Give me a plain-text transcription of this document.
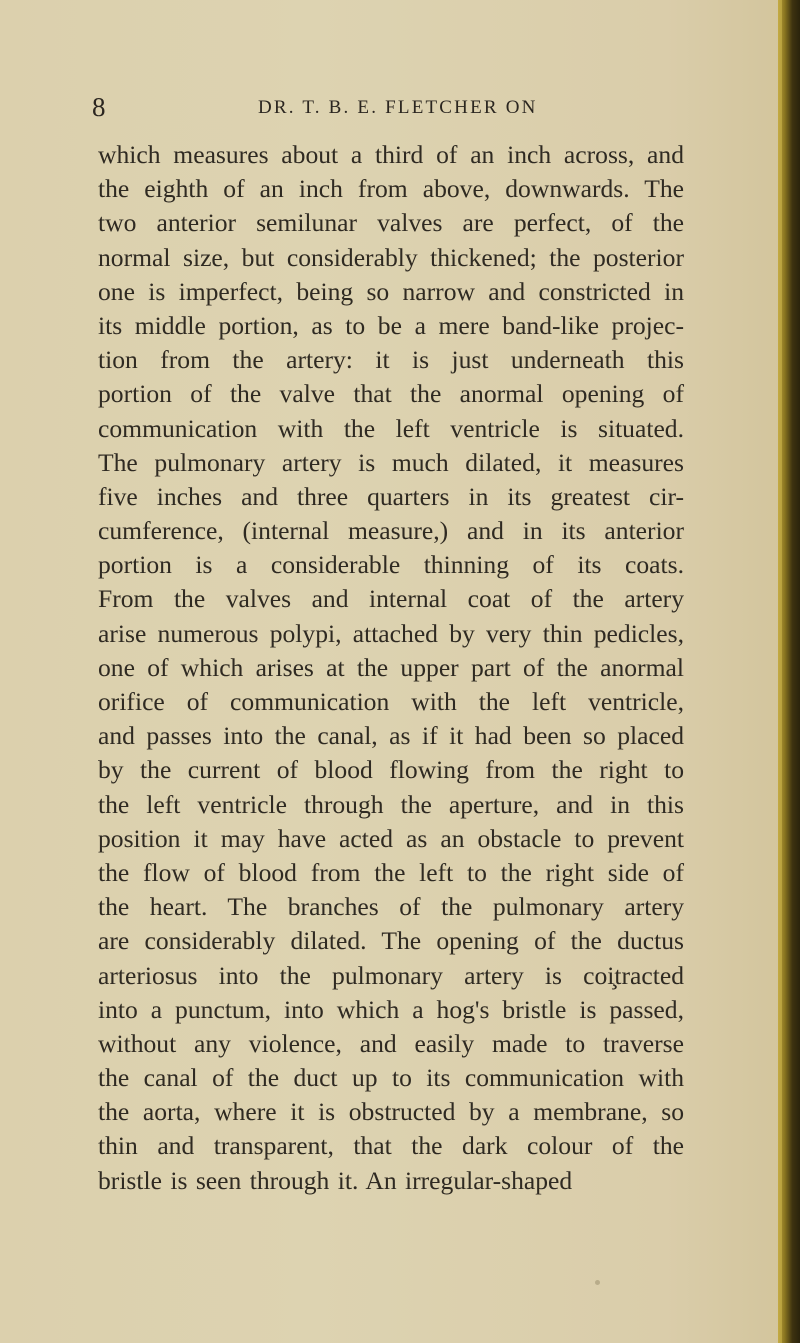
8	DR. T. B. E. FLETCHER ON
which measures about a third of an inch across, and
the eighth of an inch from above, downwards. The
two anterior semilunar valves are perfect, of the
normal size, but considerably thickened; the posterior
one is imperfect, being so narrow and constricted in
its middle portion, as to be a mere band-like projec-
tion from the artery: it is just underneath this
portion of the valve that the anormal opening of
communication with the left ventricle is situated.
The pulmonary artery is much dilated, it measures
five inches and three quarters in its greatest cir-
cumference, (internal measure,) and in its anterior
portion is a considerable thinning of its coats.
From the valves and internal coat of the artery
arise numerous polypi, attached by very thin pedicles,
one of which arises at the upper part of the anormal
orifice of communication with the left ventricle,
and passes into the canal, as if it had been so placed
by the current of blood flowing from the right to
the left ventricle through the aperture, and in this
position it may have acted as an obstacle to prevent
the flow of blood from the left to the right side of
the heart. The branches of the pulmonary artery
are considerably dilated. The opening of the ductus
arteriosus into the pulmonary artery is coi̧tracted
into a punctum, into which a hog's bristle is passed,
without any violence, and easily made to traverse
the canal of the duct up to its communication with
the aorta, where it is obstructed by a membrane, so
thin and transparent, that the dark colour of the
bristle is seen through it. An irregular-shaped
